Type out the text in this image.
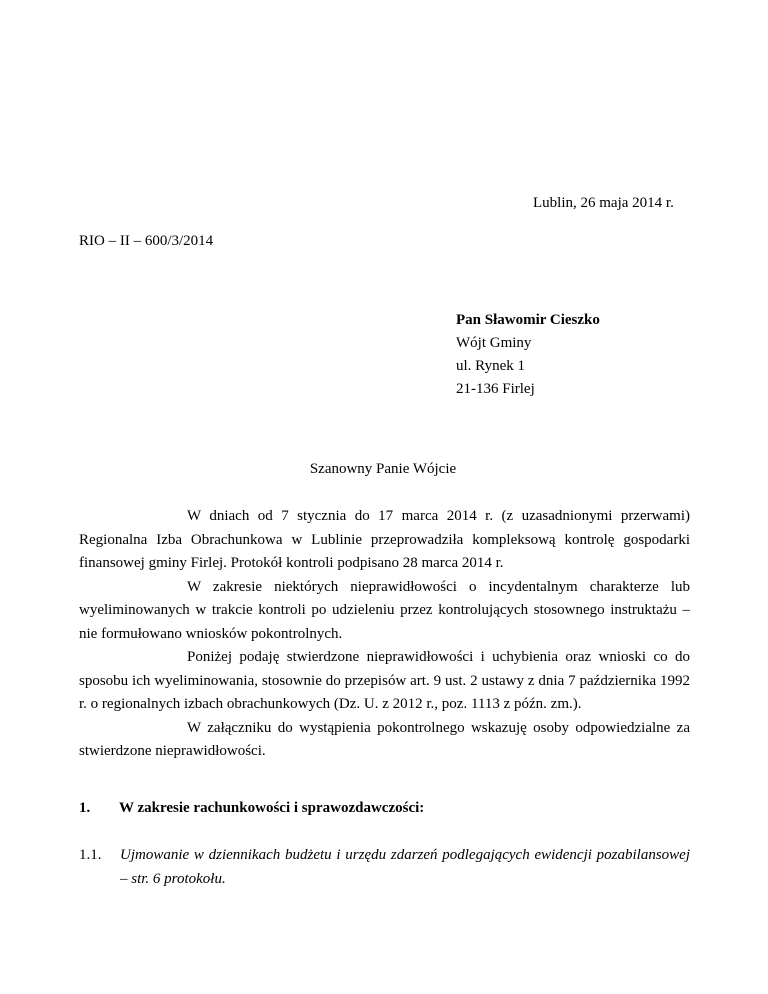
Lublin, 26 maja 2014 r.
RIO – II – 600/3/2014
Pan Sławomir Cieszko
Wójt Gminy
ul. Rynek 1
21-136 Firlej
Szanowny Panie Wójcie

W dniach od 7 stycznia do 17 marca 2014 r. (z uzasadnionymi przerwami) Regionalna Izba Obrachunkowa w Lublinie przeprowadziła kompleksową kontrolę gospodarki finansowej gminy Firlej. Protokół kontroli podpisano 28 marca 2014 r.

W zakresie niektórych nieprawidłowości o incydentalnym charakterze lub wyeliminowanych w trakcie kontroli po udzieleniu przez kontrolujących stosownego instruktażu – nie formułowano wniosków pokontrolnych.

Poniżej podaję stwierdzone nieprawidłowości i uchybienia oraz wnioski co do sposobu ich wyeliminowania, stosownie do przepisów art. 9 ust. 2 ustawy z dnia 7 października 1992 r. o regionalnych izbach obrachunkowych (Dz. U. z 2012 r., poz. 1113 z późn. zm.).

W załączniku do wystąpienia pokontrolnego wskazuję osoby odpowiedzialne za stwierdzone nieprawidłowości.

1. W zakresie rachunkowości i sprawozdawczości:
1.1. Ujmowanie w dziennikach budżetu i urzędu zdarzeń podlegających ewidencji pozabilansowej – str. 6 protokołu.
